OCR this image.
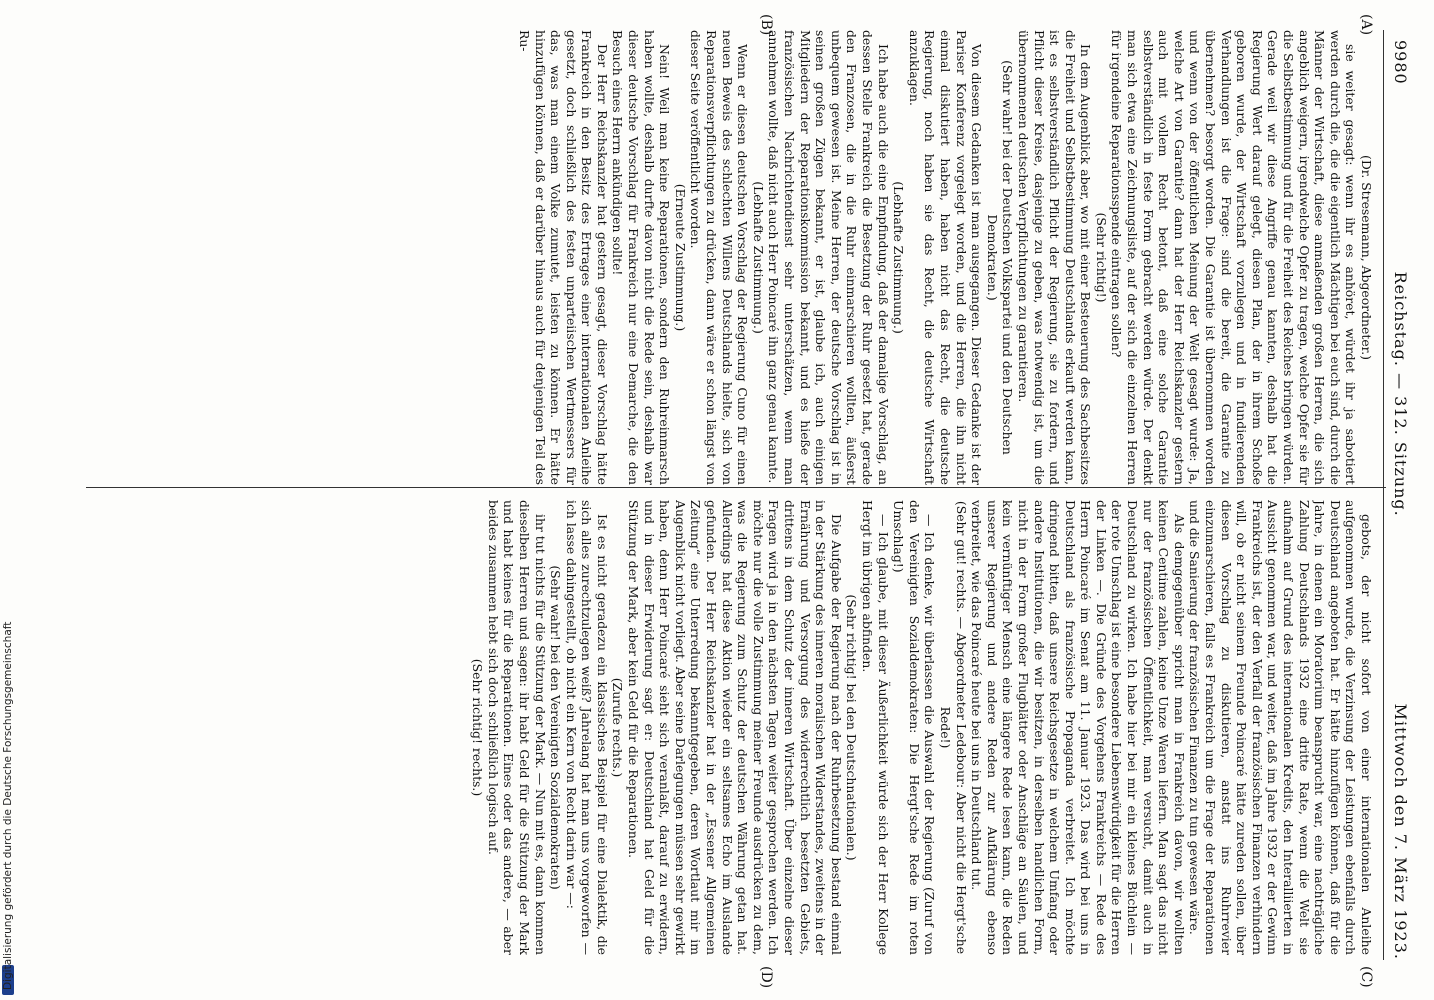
9980
Reichstag. — 312. Sitzung.
Mittwoch den 7. März 1923.
(A)
(B)
(C)
(D)

(Dr. Stresemann, Abgeordneter.)

sie weiter gesagt: wenn ihr es anhöret, würdet ihr ja sabotiert werden durch die, die die eigentlich Mächtigen bei euch sind, durch die Männer der Wirtschaft, diese anmaßenden großen Herren, die sich angeblich weigern, irgendwelche Opfer zu tragen, welche Opfer sie für die Selbstbestimmung und für die Freiheit des Reiches bringen würden. Gerade weil wir diese Angriffe genau kannten, deshalb hat die Regierung Wert darauf gelegt, diesen Plan, der in ihrem Schoße geboren wurde, der Wirtschaft vorzulegen und in fundierenden Verhandlungen ist die Frage: sind die bereit, die Garantie zu übernehmen? besorgt worden. Die Garantie ist übernommen worden und wenn von der öffentlichen Meinung der Welt gesagt wurde: Ja, welche Art von Garantie? dann hat der Herr Reichskanzler gestern auch mit vollem Recht betont, daß eine solche Garantie selbstverständlich in feste Form gebracht werden würde. Der denkt man sich etwa eine Zeichnungsliste, auf der sich die einzelnen Herren für irgendeine Reparationsspende eintragen sollen?

(Sehr richtig!)

In dem Augenblick aber, wo mit einer Besteuerung des Sachbesitzes die Freiheit und Selbstbestimmung Deutschlands erkauft werden kann, ist es selbstverständlich Pflicht der Regierung, sie zu fordern, und Pflicht dieser Kreise, dasjenige zu geben, was notwendig ist, um die übernommenen deutschen Verpflichtungen zu garantieren.

(Sehr wahr! bei der Deutschen Volkspartei und den Deutschen Demokraten.)

Von diesem Gedanken ist man ausgegangen. Dieser Gedanke ist der Pariser Konferenz vorgelegt worden, und die Herren, die ihn nicht einmal diskutiert haben, haben nicht das Recht, die deutsche Regierung, noch haben sie das Recht, die deutsche Wirtschaft anzuklagen.

(Lebhafte Zustimmung.)

Ich habe auch die eine Empfindung, daß der damalige Vorschlag, an dessen Stelle Frankreich die Besetzung der Ruhr gesetzt hat, gerade den Franzosen, die in die Ruhr einmarschieren wollten, äußerst unbequem gewesen ist. Meine Herren, der deutsche Vorschlag ist in seinen großen Zügen bekannt, er ist, glaube ich, auch einigen Mitgliedern der Reparationskommission bekannt, und es hieße der französischen Nachrichtendienst sehr unterschätzen, wenn man annehmen wollte, daß nicht auch Herr Poincaré ihn ganz genau kannte.

(Lebhafte Zustimmung.)

Wenn er diesen deutschen Vorschlag der Regierung Cuno für einen neuen Beweis des schlechten Willens Deutschlands hielte, sich von Reparationsverpflichtungen zu drücken, dann wäre er schon längst von dieser Seite veröffentlicht worden.

(Erneute Zustimmung.)

Nein! Weil man keine Reparationen, sondern den Ruhreinmarsch haben wollte, deshalb durfte davon nicht die Rede sein, deshalb war dieser deutsche Vorschlag für Frankreich nur eine Demarche, die den Besuch eines Herrn ankündigen sollte!

Der Herr Reichskanzler hat gestern gesagt, dieser Vorschlag hätte Frankreich in den Besitz des Ertrages einer internationalen Anleihe gesetzt, doch schließlich des festen unparteiischen Wertmessers für das, was man einem Volke zumutet, leisten zu können. Er hätte hinzufügen können, daß er darüber hinaus auch für denjenigen Teil des Ru-

gebots, der nicht sofort von einer internationalen Anleihe aufgenommen wurde, die Verzinsung der Leistungen ebenfalls durch Deutschland angeboten hat. Er hätte hinzufügen können, daß für die Jahre, in denen ein Moratorium beansprucht war, eine nachträgliche Zahlung Deutschlands 1932 eine dritte Rate, wenn die Welt sie aufnahm auf Grund des internationalen Kredits, den Interalliierten in Aussicht genommen war, und weiter, daß im Jahre 1932 er der Gewinn Frankreichs ist, der den Verfall der französischen Finanzen verhindern will, ob er nicht seinem Freunde Poincaré hätte zureden sollen, über diesen Vorschlag zu diskutieren, anstatt ins Ruhrrevier einzumarschieren, falls es Frankreich um die Frage der Reparationen und die Sanierung der französischen Finanzen zu tun gewesen wäre.

Als demgegenüber spricht man in Frankreich davon, wir wollten keinen Centime zahlen, keine Unze Waren liefern. Man sagt das nicht nur der französischen Öffentlichkeit, man versucht, damit auch in Deutschland zu wirken. Ich habe hier bei mir ein kleines Büchlein — der rote Umschlag ist eine besondere Liebenswürdigkeit für die Herren der Linken —. Die Gründe des Vorgehens Frankreichs — Rede des Herrn Poincaré im Senat am 11. Januar 1923. Das wird bei uns in Deutschland als französische Propaganda verbreitet. Ich möchte dringend bitten, daß unsere Reichsgesetze in welchem Umfang oder andere Institutionen, die wir besitzen, in derselben handlichen Form, nicht in der Form großer Flugblätter oder Anschläge an Säulen, und kein vernünftiger Mensch eine längere Rede lesen kann, die Reden unserer Regierung und andere Reden zur Aufklärung ebenso verbreitet, wie das Poincaré heute bei uns in Deutschland tut.

(Sehr gut! rechts. — Abgeordneter Ledebour: Aber nicht die Hergt'sche Rede!)

— Ich denke, wir überlassen die Auswahl der Regierung (Zuruf von den Vereinigten Sozialdemokraten: Die Hergt'sche Rede im roten Umschlag!)

— Ich glaube, mit dieser Äußerlichkeit würde sich der Herr Kollege Hergt im übrigen abfinden.

(Sehr richtig! bei den Deutschnationalen.)

Die Aufgabe der Regierung nach der Ruhrbesetzung bestand einmal in der Stärkung des inneren moralischen Widerstandes, zweitens in der Ernährung und Versorgung des widerrechtlich besetzten Gebiets, drittens in dem Schutz der inneren Wirtschaft. Über einzelne dieser Fragen wird ja in den nächsten Tagen weiter gesprochen werden. Ich möchte nur die volle Zustimmung meiner Freunde ausdrücken zu dem, was die Regierung zum Schutz der deutschen Währung getan hat. Allerdings hat diese Aktion wieder ein seltsames Echo im Auslande gefunden. Der Herr Reichskanzler hat in der „Essener Allgemeinen Zeitung“ eine Unterredung bekanntgegeben, deren Wortlaut mir im Augenblick nicht vorliegt. Aber seine Darlegungen müssen sehr gewirkt haben, denn Herr Poincaré sieht sich veranlaßt, darauf zu erwidern, und in dieser Erwiderung sagt er: Deutschland hat Geld für die Stützung der Mark, aber kein Geld für die Reparationen.

(Zurufe rechts.)

Ist es nicht geradezu ein klassisches Beispiel für eine Dialektik, die sich alles zurechtzulegen weiß? Jahrelang hat man uns vorgeworfen — ich lasse dahingestellt, ob nicht ein Kern von Recht darin war —:

(Sehr wahr! bei den Vereinigten Sozialdemokraten)

ihr tut nichts für die Stützung der Mark. — Nun mit es, dann kommen dieselben Herren und sagen: ihr habt Geld für die Stützung der Mark und habt keines für die Reparationen. Eines oder das andere, — aber beides zusammen hebt sich doch schließlich logisch auf.

(Sehr richtig! rechts.)

Digitalisierung gefördert durch die Deutsche Forschungsgemeinschaft
